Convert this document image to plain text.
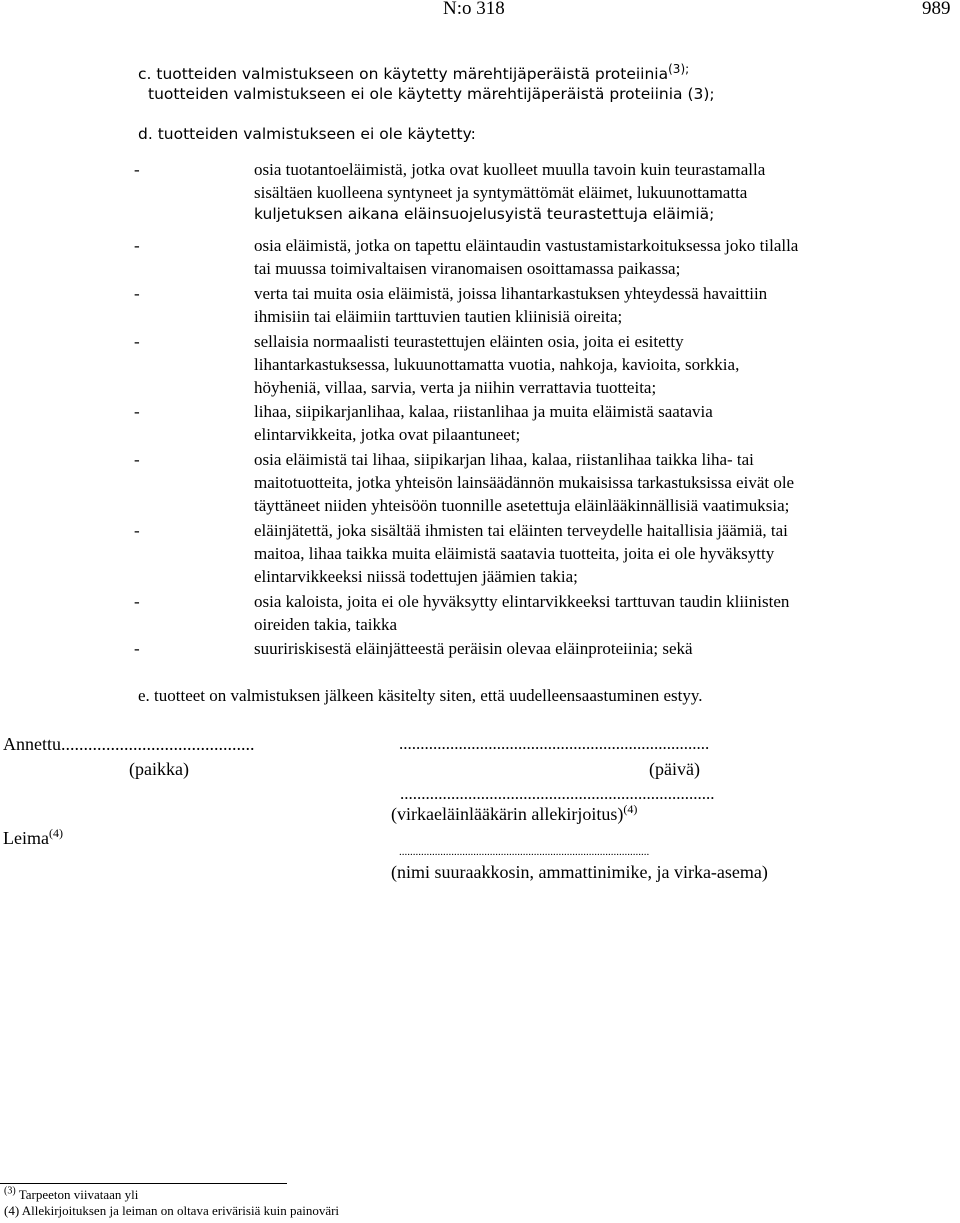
N:o 318	989
c. tuotteiden valmistukseen on käytetty märehtijäperäistä proteiinia$^{(3);}$
tuotteiden valmistukseen ei ole käytetty märehtijäperäistä proteiinia (3);
d. tuotteiden valmistukseen ei ole käytetty:
-	osia tuotantoeläimistä, jotka ovat kuolleet muulla tavoin kuin teurastamalla
sisältäen kuolleena syntyneet ja syntymättömät eläimet, lukuunottamatta
kuljetuksen aikana eläinsuojelusyistä teurastettuja eläimiä;
-	osia eläimistä, jotka on tapettu eläintaudin vastustamistarkoituksessa joko tilalla
tai muussa toimivaltaisen viranomaisen osoittamassa paikassa;
-	verta tai muita osia eläimistä, joissa lihantarkastuksen yhteydessä havaittiin
ihmisiin tai eläimiin tarttuvien tautien kliinisiä oireita;
-	sellaisia normaalisti teurastettujen eläinten osia, joita ei esitetty
lihantarkastuksessa, lukuunottamatta vuotia, nahkoja, kavioita, sorkkia,
höyheniä, villaa, sarvia, verta ja niihin verrattavia tuotteita;
-	lihaa, siipikarjanlihaa, kalaa, riistanlihaa ja muita eläimistä saatavia
elintarvikkeita, jotka ovat pilaantuneet;
-	osia eläimistä tai lihaa, siipikarjan lihaa, kalaa, riistanlihaa taikka liha- tai
maitotuotteita, jotka yhteisön lainsäädännön mukaisissa tarkastuksissa eivät ole
täyttäneet niiden yhteisöön tuonnille asetettuja eläinlääkinnällisiä vaatimuksia;
-	eläinjätettä, joka sisältää ihmisten tai eläinten terveydelle haitallisia jäämiä, tai
maitoa, lihaa taikka muita eläimistä saatavia tuotteita, joita ei ole hyväksytty
elintarvikkeeksi niissä todettujen jäämien takia;
-	osia kaloista, joita ei ole hyväksytty elintarvikkeeksi tarttuvan taudin kliinisten
oireiden takia, taikka
-	suuririskisestä eläinjätteestä peräisin olevaa eläinproteiinia; sekä
e. tuotteet on valmistuksen jälkeen käsitelty siten, että uudelleensaastuminen estyy.
Annettu...........................................	.........................................................................
(paikka)	(päivä)
..........................................................................
(virkaeläinlääkärin allekirjoitus)$^{(4)}$
Leima$^{(4)}$
...........................................................................................
(nimi suuraakkosin, ammattinimike, ja virka-asema)
$^{(3)}$ Tarpeeton viivataan yli
(4) Allekirjoituksen ja leiman on oltava erivärisiä kuin painoväri
